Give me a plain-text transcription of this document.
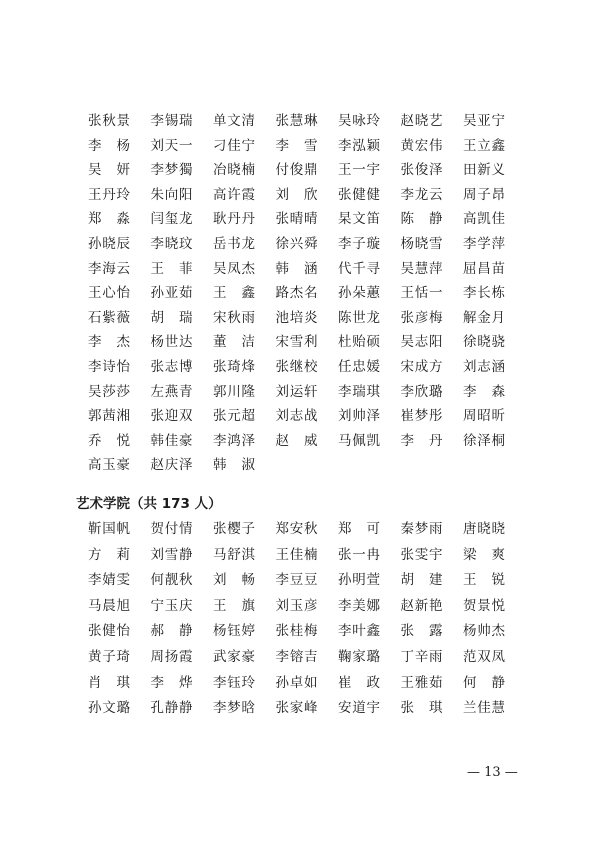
张秋景	李锡瑞	单文清	张慧琳	吴咏玲	赵晓艺	吴亚宁
李杨	刘天一	刁佳宁	李雪	李泓颖	黄宏伟	王立鑫
吴妍	李梦獨	冶晓楠	付俊鼎	王一宇	张俊泽	田新义
王丹玲	朱向阳	高许霞	刘欣	张健健	李龙云	周子昂
郑淼	闫玺龙	耿丹丹	张晴晴	杲文笛	陈静	高凯佳
孙晓辰	李晓玟	岳书龙	徐兴舜	李子璇	杨晓雪	李学萍
李海云	王菲	吴凤杰	韩涵	代千寻	吴慧萍	屈昌苗
王心怡	孙亚茹	王鑫	路杰名	孙朵蕙	王恬一	李长栋
石紫薇	胡瑞	宋秋雨	池培炎	陈世龙	张彦梅	解金月
李杰	杨世达	董洁	宋雪利	杜贻硕	吴志阳	徐晓骁
李诗怡	张志博	张琦烽	张继校	任忠媛	宋成方	刘志涵
吴莎莎	左燕青	郭川隆	刘运轩	李瑞琪	李欣璐	李森
郭茜湘	张迎双	张元超	刘志战	刘帅泽	崔梦彤	周昭昕
乔悦	韩佳豪	李鸿泽	赵威	马佩凯	李丹	徐泽桐
高玉豪	赵庆泽	韩淑
艺术学院（共 173 人）
靳国帆	贺付情	张樱子	郑安秋	郑可	秦梦雨	唐晓晓
方莉	刘雪静	马舒淇	王佳楠	张一冉	张雯宇	梁爽
李婧雯	何靓秋	刘畅	李豆豆	孙明萱	胡建	王锐
马晨旭	宁玉庆	王旗	刘玉彦	李美娜	赵新艳	贺景悦
张健怡	郝静	杨钰婷	张桂梅	李叶鑫	张露	杨帅杰
黄子琦	周扬霞	武家豪	李镕吉	鞠家璐	丁辛雨	范双凤
肖琪	李烨	李钰玲	孙卓如	崔政	王雅茹	何静
孙文璐	孔静静	李梦晗	张家峰	安道宇	张琪	兰佳慧
— 13 —
